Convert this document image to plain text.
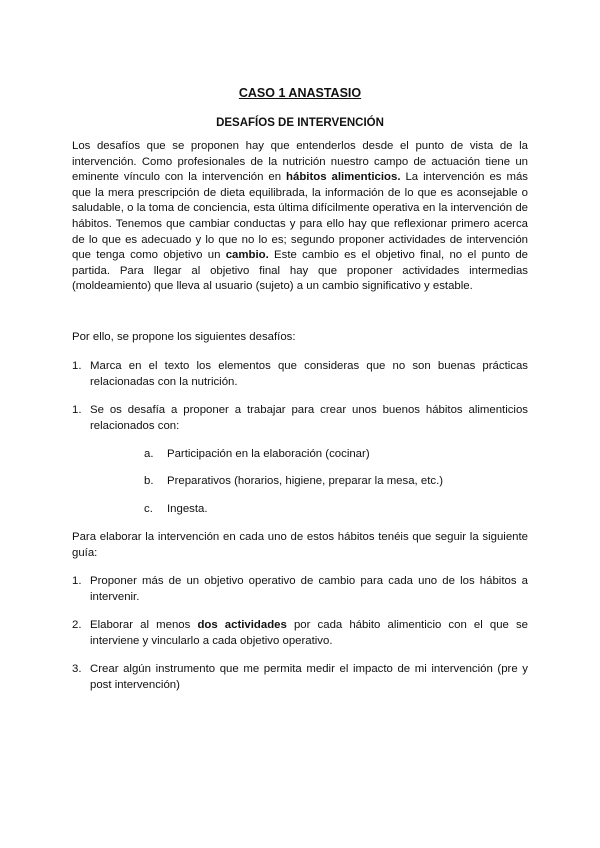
CASO 1 ANASTASIO
DESAFÍOS DE INTERVENCIÓN

Los desafíos que se proponen hay que entenderlos desde el punto de vista de la intervención. Como profesionales de la nutrición nuestro campo de actuación tiene un eminente vínculo con la intervención en hábitos alimenticios. La intervención es más que la mera prescripción de dieta equilibrada, la información de lo que es aconsejable o saludable, o la toma de conciencia, esta última difícilmente operativa en la intervención de hábitos. Tenemos que cambiar conductas y para ello hay que reflexionar primero acerca de lo que es adecuado y lo que no lo es; segundo proponer actividades de intervención que tenga como objetivo un cambio. Este cambio es el objetivo final, no el punto de partida. Para llegar al objetivo final hay que proponer actividades intermedias (moldeamiento) que lleva al usuario (sujeto) a un cambio significativo y estable.

Por ello, se propone los siguientes desafíos:

1. Marca en el texto los elementos que consideras que no son buenas prácticas relacionadas con la nutrición.
1. Se os desafía a proponer a trabajar para crear unos buenos hábitos alimenticios relacionados con:
a. Participación en la elaboración (cocinar)
b. Preparativos (horarios, higiene, preparar la mesa, etc.)
c. Ingesta.

Para elaborar la intervención en cada uno de estos hábitos tenéis que seguir la siguiente guía:

1. Proponer más de un objetivo operativo de cambio para cada uno de los hábitos a intervenir.
2. Elaborar al menos dos actividades por cada hábito alimenticio con el que se interviene y vincularlo a cada objetivo operativo.
3. Crear algún instrumento que me permita medir el impacto de mi intervención (pre y post intervención)
